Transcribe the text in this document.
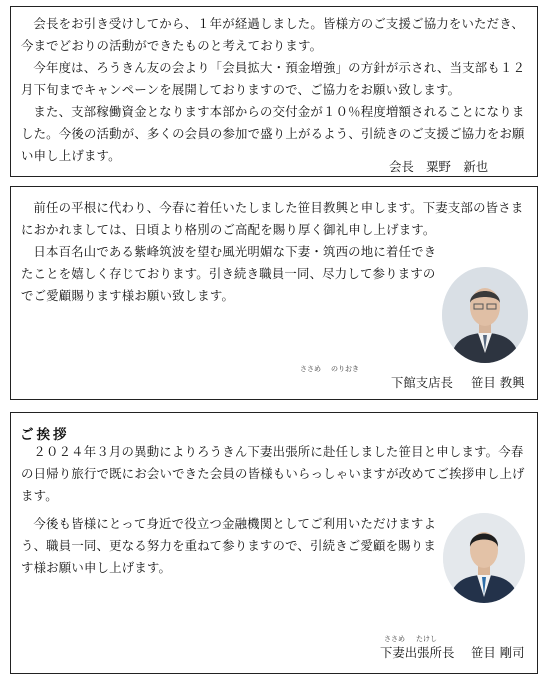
会長をお引き受けしてから、１年が経過しました。皆様方のご支援ご協力をいただき、今までどおりの活動ができたものと考えております。

今年度は、ろうきん友の会より「会員拡大・預金増強」の方針が示され、当支部も１２月下旬までキャンペーンを展開しておりますので、ご協力をお願い致します。

また、支部稼働資金となります本部からの交付金が１０％程度増額されることになりました。今後の活動が、多くの会員の参加で盛り上がるよう、引続きのご支援ご協力をお願い申し上げます。

会長　粟野　新也

前任の平根に代わり、今春に着任いたしました笹目教興と申します。下妻支部の皆さまにおかれましては、日頃より格別のご高配を賜り厚く御礼申し上げます。

日本百名山である紫峰筑波を望む風光明媚な下妻・筑西の地に着任できたことを嬉しく存じております。引き続き職員一同、尽力して参りますのでご愛顧賜ります様お願い致します。

ささめ のりおき
下館支店長 笹目 教興
ご挨拶

２０２４年３月の異動によりろうきん下妻出張所に赴任しました笹目と申します。今春の日帰り旅行で既にお会いできた会員の皆様もいらっしゃいますが改めてご挨拶申し上げます。

今後も皆様にとって身近で役立つ金融機関としてご利用いただけますよう、職員一同、更なる努力を重ねて参りますので、引続きご愛顧を賜ります様お願い申し上げます。

ささめ たけし
下妻出張所長 笹目 剛司
